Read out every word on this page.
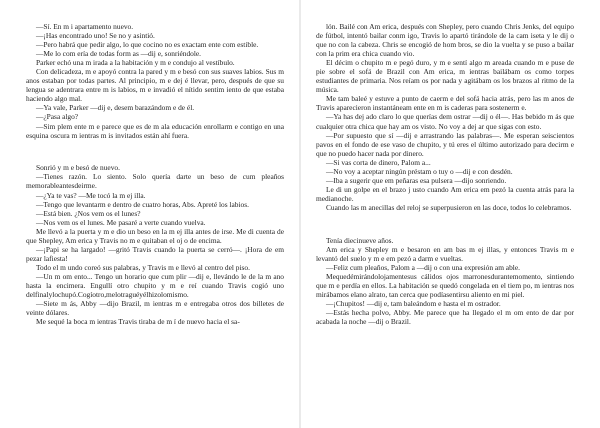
—Sí. En m i apartamento nuevo.

—¡Has encontrado uno! Se no y asintió.

—Pero habrá que pedir algo, lo que cocino no es exactam ente com estible.

—Me lo com ería de todas form as —dij e, sonriéndole.

Parker echó una m irada a la habitación y m e condujo al vestíbulo.

Con delicadeza, m e apoyó contra la pared y m e besó con sus suaves labios. Sus m anos estaban por todas partes. Al principio, m e dej é llevar, pero, después de que su lengua se adentrara entre m is labios, m e invadió el nítido sentim iento de que estaba haciendo algo mal.

—Ya vale, Parker —dij e, desem barazándom e de él.

—¿Pasa algo?

—Sim plem ente m e parece que es de m ala educación enrollarm e contigo en una esquina oscura m ientras m is invitados están ahí fuera.

Sonrió y m e besó de nuevo.

—Tienes razón. Lo siento. Solo quería darte un beso de cum pleaños memorableantesdeirme.

—¿Ya te vas? —Me tocó la m ej illa.

—Tengo que levantarm e dentro de cuatro horas, Abs. Apreté los labios.

—Está bien. ¿Nos vem os el lunes?

—Nos vem os el lunes. Me pasaré a verte cuando vuelva.

Me llevó a la puerta y m e dio un beso en la m ej illa antes de irse. Me di cuenta de que Shepley, Am erica y Travis no m e quitaban el oj o de encima.

—¡Papi se ha largado! —gritó Travis cuando la puerta se cerró—. ¡Hora de em pezar lafiesta!

Todo el m undo coreó sus palabras, y Travis m e llevó al centro del piso.

—Un m om ento... Tengo un horario que cum plir —dij e, llevándo le de la m ano hasta la encimera. Engullí otro chupito y m e reí cuando Travis cogió uno delfinalylochupó.Cogíotro,melotraguéyélhizolomismo.

—Siete m ás, Abby —dijo Brazil, m ientras m e entregaba otros dos billetes de veinte dólares.

Me sequé la boca m ientras Travis tiraba de m í de nuevo hacia el sa-

lón. Bailé con Am erica, después con Shepley, pero cuando Chris Jenks, del equipo de fútbol, intentó bailar conm igo, Travis lo apartó tirándole de la cam iseta y le dij o que no con la cabeza. Chris se encogió de hom bros, se dio la vuelta y se puso a bailar con la prim era chica cuando vio.

El décim o chupito m e pegó duro, y m e sentí algo m areada cuando m e puse de pie sobre el sofá de Brazil con Am erica, m ientras bailábam os como torpes estudiantes de primaria. Nos reíam os por nada y agitábam os los brazos al ritmo de la música.

Me tam baleé y estuve a punto de caerm e del sofá hacia atrás, pero las m anos de Travis aparecieron instantáneam ente en m is caderas para sostenerm e.

—Ya has dej ado claro lo que querías dem ostrar —dij o él—. Has bebido m ás que cualquier otra chica que hay am os visto. No voy a dej ar que sigas con esto.

—Por supuesto que sí —dij e arrastrando las palabras—. Me esperan seiscientos pavos en el fondo de ese vaso de chupito, y tú eres el último autorizado para decirm e que no puedo hacer nada por dinero.

—Si vas corta de dinero, Palom a...

—No voy a aceptar ningún préstam o tuy o —dij e con desdén.

—Iba a sugerir que em peñaras esa pulsera —dijo sonriendo.

Le di un golpe en el brazo j usto cuando Am erica em pezó la cuenta atrás para la medianoche.

Cuando las m anecillas del reloj se superpusieron en las doce, todos lo celebramos.

Tenía diecinueve años.

Am erica y Shepley m e besaron en am bas m ej illas, y entonces Travis m e levantó del suelo y m e em pezó a darm e vueltas.

—Feliz cum pleaños, Palom a —dij o con una expresión am able.

Mequedémirándolojamentesus cálidos ojos marronesdurantemomento, sintiendo que m e perdía en ellos. La habitación se quedó congelada en el tiem po, m ientras nos mirábamos elano alrato, tan cerca que podíasentirsu aliento en mi piel.

—¡Chupitos! —dij e, tam baleándom e hasta el m ostrador.

—Estás hecha polvo, Abby. Me parece que ha llegado el m om ento de dar por acabada la noche —dij o Brazil.
